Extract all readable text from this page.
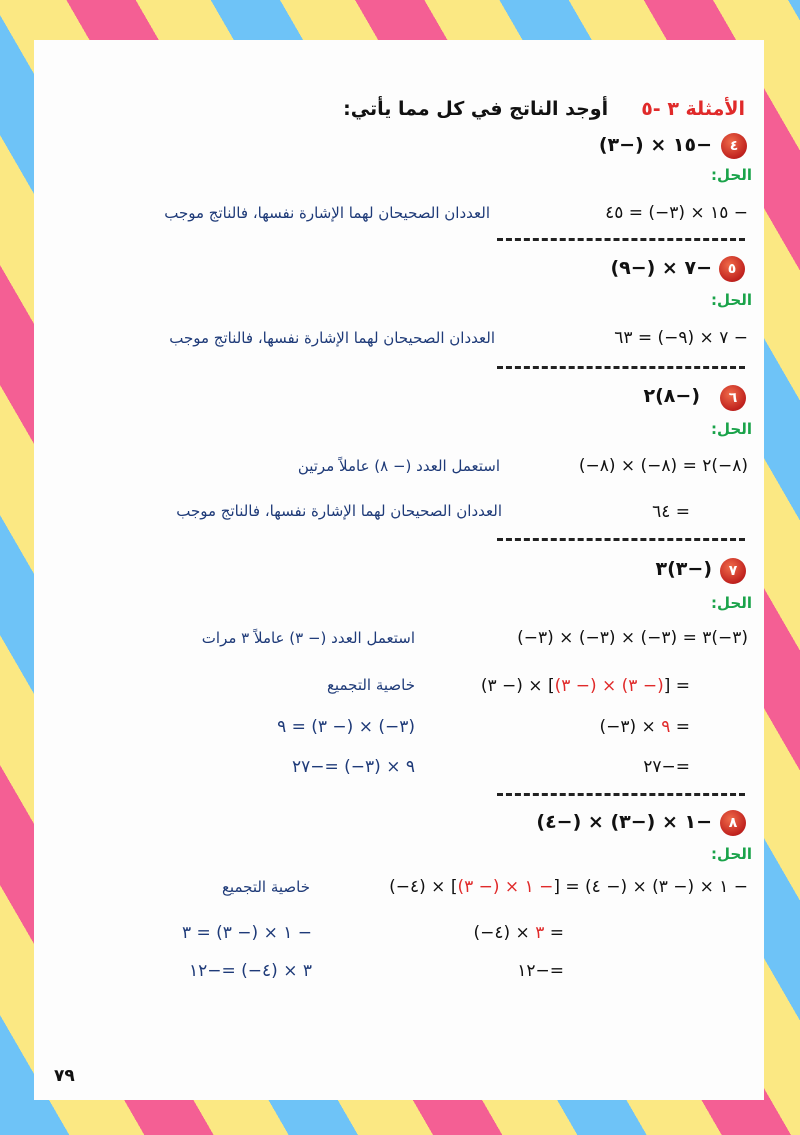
الأمثلة ٣ -٥     أوجد الناتج في كل مما يأتي:
٤
(٣−) × ١٥−
الحل:
٤٥ = (−٣) × ١٥ −
العددان الصحيحان لهما الإشارة نفسها، فالناتج موجب
٥
(٩−) × ٧−
الحل:
٦٣ = (−٩) × ٧ −
العددان الصحيحان لهما الإشارة نفسها، فالناتج موجب
٦
٢(٨−)
الحل:
(−٨) × (−٨) = ٢(−٨)
استعمل العدد (− ٨) عاملاً مرتين
٦٤ =
العددان الصحيحان لهما الإشارة نفسها، فالناتج موجب
٧
٣(٣−)
الحل:
(−٣) × (−٣) × (−٣) = ٣(−٣)
استعمل العدد (− ٣) عاملاً ٣ مرات
(٣ −) × [(٣ −) × (٣ −)] =
خاصية التجميع
(−٣) × ٩ =
٩ = (٣ −) × (−٣)
٢٧−=
٢٧−= (−٣) × ٩
٨
(٤−) × (٣−) × ١−
الحل:
(−٤) × [(٣ −) × ١ −] = (٤ −) × (٣ −) × ١ −
خاصية التجميع
(−٤) × ٣ =
٣ = (٣ −) × ١ −
١٢−=
١٢−= (−٤) × ٣
٧٩
